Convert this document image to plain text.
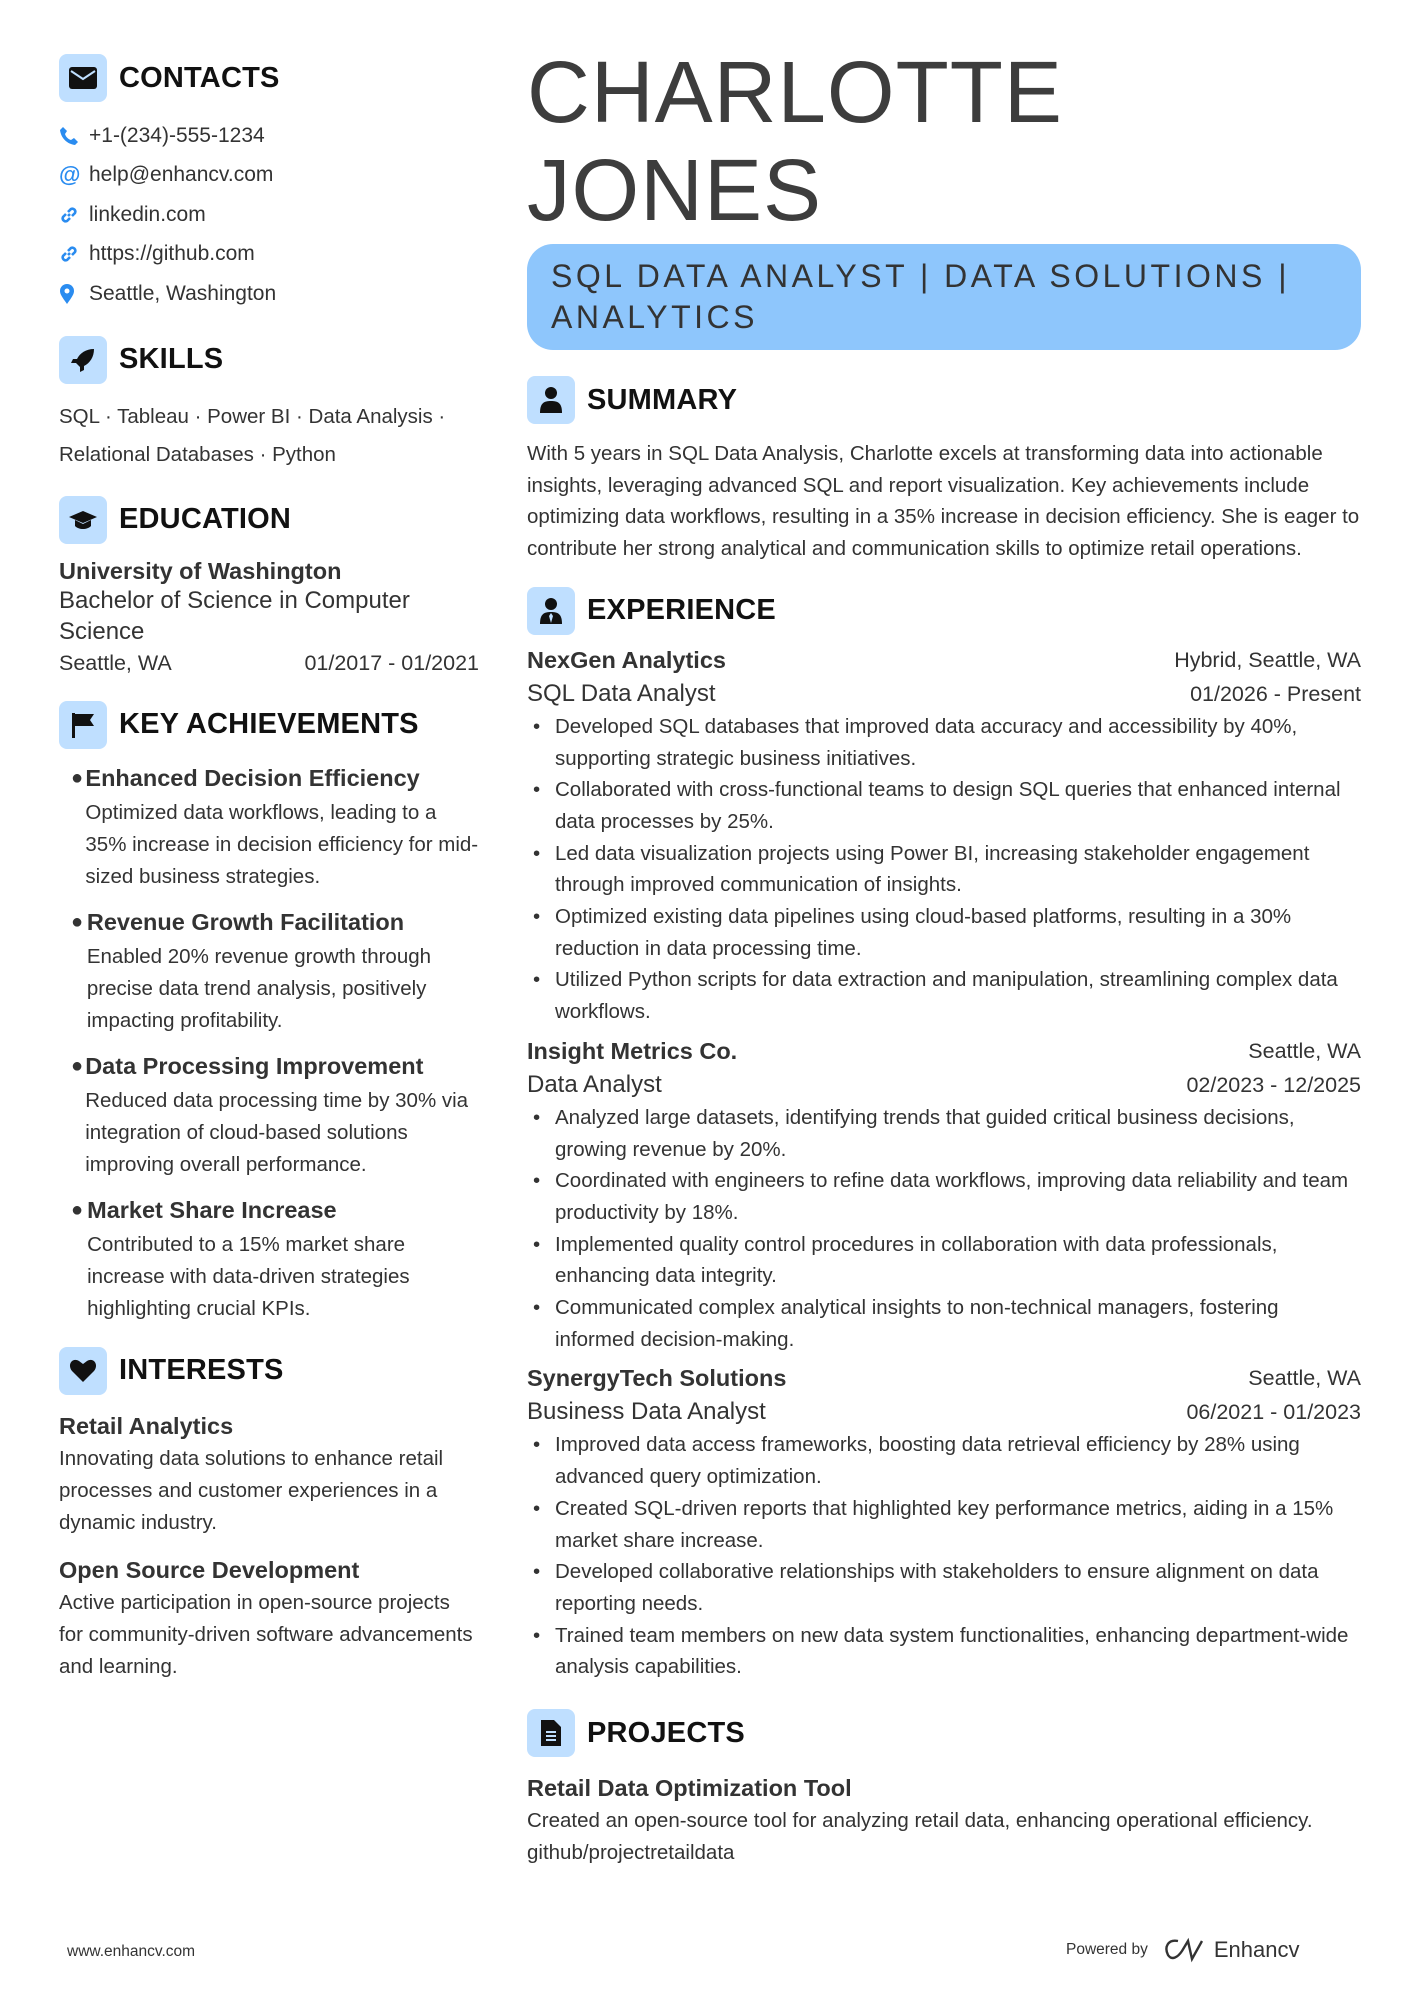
CONTACTS
+1-(234)-555-1234
@ help@enhancv.com
linkedin.com
https://github.com
Seattle, Washington
SKILLS
SQL · Tableau · Power BI · Data Analysis ·
Relational Databases · Python
EDUCATION
University of Washington
Bachelor of Science in Computer Science
Seattle, WA	01/2017 - 01/2021
KEY ACHIEVEMENTS
● Enhanced Decision Efficiency
Optimized data workflows, leading to a 35% increase in decision efficiency for mid-sized business strategies.
● Revenue Growth Facilitation
Enabled 20% revenue growth through precise data trend analysis, positively impacting profitability.
● Data Processing Improvement
Reduced data processing time by 30% via integration of cloud-based solutions improving overall performance.
● Market Share Increase
Contributed to a 15% market share increase with data-driven strategies highlighting crucial KPIs.
INTERESTS
Retail Analytics
Innovating data solutions to enhance retail processes and customer experiences in a dynamic industry.
Open Source Development
Active participation in open-source projects for community-driven software advancements and learning.
CHARLOTTE JONES
SQL DATA ANALYST | DATA SOLUTIONS | ANALYTICS
SUMMARY

With 5 years in SQL Data Analysis, Charlotte excels at transforming data into actionable insights, leveraging advanced SQL and report visualization. Key achievements include optimizing data workflows, resulting in a 35% increase in decision efficiency. She is eager to contribute her strong analytical and communication skills to optimize retail operations.

EXPERIENCE
NexGen Analytics	Hybrid, Seattle, WA
SQL Data Analyst	01/2026 - Present
• Developed SQL databases that improved data accuracy and accessibility by 40%, supporting strategic business initiatives.
• Collaborated with cross-functional teams to design SQL queries that enhanced internal data processes by 25%.
• Led data visualization projects using Power BI, increasing stakeholder engagement through improved communication of insights.
• Optimized existing data pipelines using cloud-based platforms, resulting in a 30% reduction in data processing time.
• Utilized Python scripts for data extraction and manipulation, streamlining complex data workflows.
Insight Metrics Co.	Seattle, WA
Data Analyst	02/2023 - 12/2025
• Analyzed large datasets, identifying trends that guided critical business decisions, growing revenue by 20%.
• Coordinated with engineers to refine data workflows, improving data reliability and team productivity by 18%.
• Implemented quality control procedures in collaboration with data professionals, enhancing data integrity.
• Communicated complex analytical insights to non-technical managers, fostering informed decision-making.
SynergyTech Solutions	Seattle, WA
Business Data Analyst	06/2021 - 01/2023
• Improved data access frameworks, boosting data retrieval efficiency by 28% using advanced query optimization.
• Created SQL-driven reports that highlighted key performance metrics, aiding in a 15% market share increase.
• Developed collaborative relationships with stakeholders to ensure alignment on data reporting needs.
• Trained team members on new data system functionalities, enhancing department-wide analysis capabilities.
PROJECTS
Retail Data Optimization Tool

Created an open-source tool for analyzing retail data, enhancing operational efficiency. github/projectretaildata

www.enhancv.com	Powered by	Enhancv
